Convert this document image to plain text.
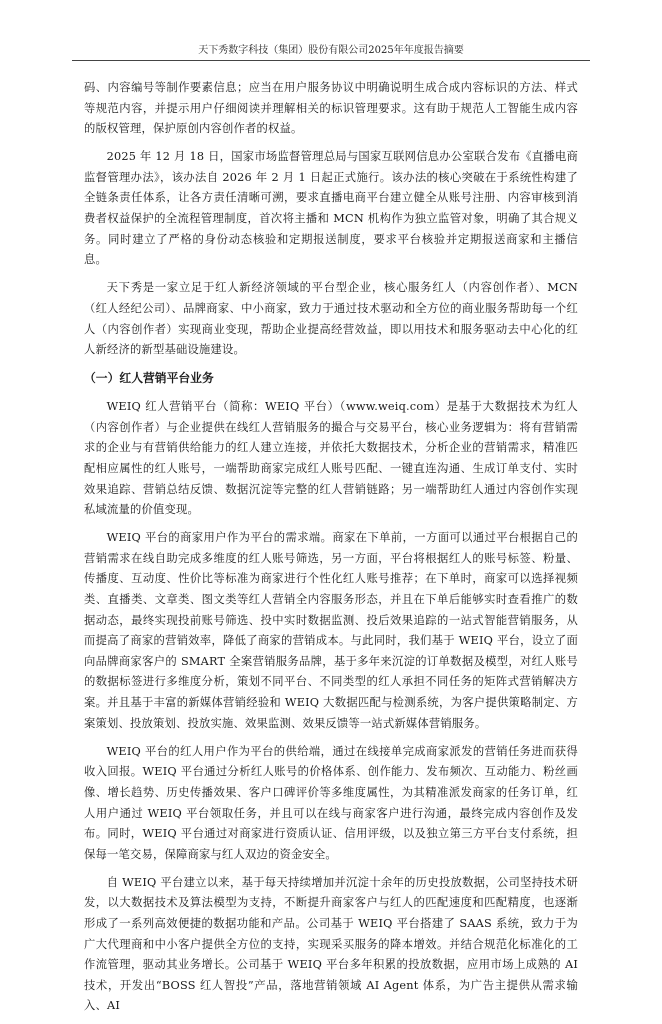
天下秀数字科技（集团）股份有限公司2025年年度报告摘要

码、内容编号等制作要素信息；应当在用户服务协议中明确说明生成合成内容标识的方法、样式等规范内容，并提示用户仔细阅读并理解相关的标识管理要求。这有助于规范人工智能生成内容的版权管理，保护原创内容创作者的权益。

2025 年 12 月 18 日，国家市场监督管理总局与国家互联网信息办公室联合发布《直播电商监督管理办法》，该办法自 2026 年 2 月 1 日起正式施行。该办法的核心突破在于系统性构建了全链条责任体系，让各方责任清晰可溯，要求直播电商平台建立健全从账号注册、内容审核到消费者权益保护的全流程管理制度，首次将主播和 MCN 机构作为独立监管对象，明确了其合规义务。同时建立了严格的身份动态核验和定期报送制度，要求平台核验并定期报送商家和主播信息。

天下秀是一家立足于红人新经济领域的平台型企业，核心服务红人（内容创作者）、MCN（红人经纪公司）、品牌商家、中小商家，致力于通过技术驱动和全方位的商业服务帮助每一个红人（内容创作者）实现商业变现，帮助企业提高经营效益，即以用技术和服务驱动去中心化的红人新经济的新型基础设施建设。

（一）红人营销平台业务

WEIQ 红人营销平台（简称：WEIQ 平台）（www.weiq.com）是基于大数据技术为红人（内容创作者）与企业提供在线红人营销服务的撮合与交易平台，核心业务逻辑为：将有营销需求的企业与有营销供给能力的红人建立连接，并依托大数据技术，分析企业的营销需求，精准匹配相应属性的红人账号，一端帮助商家完成红人账号匹配、一键直连沟通、生成订单支付、实时效果追踪、营销总结反馈、数据沉淀等完整的红人营销链路；另一端帮助红人通过内容创作实现私域流量的价值变现。

WEIQ 平台的商家用户作为平台的需求端。商家在下单前，一方面可以通过平台根据自己的营销需求在线自助完成多维度的红人账号筛选，另一方面，平台将根据红人的账号标签、粉量、传播度、互动度、性价比等标准为商家进行个性化红人账号推荐；在下单时，商家可以选择视频类、直播类、文章类、图文类等红人营销全内容服务形态，并且在下单后能够实时查看推广的数据动态，最终实现投前账号筛选、投中实时数据监测、投后效果追踪的一站式智能营销服务，从而提高了商家的营销效率，降低了商家的营销成本。与此同时，我们基于 WEIQ 平台，设立了面向品牌商家客户的 SMART 全案营销服务品牌，基于多年来沉淀的订单数据及模型，对红人账号的数据标签进行多维度分析，策划不同平台、不同类型的红人承担不同任务的矩阵式营销解决方案。并且基于丰富的新媒体营销经验和 WEIQ 大数据匹配与检测系统，为客户提供策略制定、方案策划、投放策划、投放实施、效果监测、效果反馈等一站式新媒体营销服务。

WEIQ 平台的红人用户作为平台的供给端，通过在线接单完成商家派发的营销任务进而获得收入回报。WEIQ 平台通过分析红人账号的价格体系、创作能力、发布频次、互动能力、粉丝画像、增长趋势、历史传播效果、客户口碑评价等多维度属性，为其精准派发商家的任务订单，红人用户通过 WEIQ 平台领取任务，并且可以在线与商家客户进行沟通，最终完成内容创作及发布。同时，WEIQ 平台通过对商家进行资质认证、信用评级，以及独立第三方平台支付系统，担保每一笔交易，保障商家与红人双边的资金安全。

自 WEIQ 平台建立以来，基于每天持续增加并沉淀十余年的历史投放数据，公司坚持技术研发，以大数据技术及算法模型为支持，不断提升商家客户与红人的匹配速度和匹配精度，也逐渐形成了一系列高效便捷的数据功能和产品。公司基于 WEIQ 平台搭建了 SAAS 系统，致力于为广大代理商和中小客户提供全方位的支持，实现采买服务的降本增效。并结合规范化标准化的工作流管理，驱动其业务增长。公司基于 WEIQ 平台多年积累的投放数据，应用市场上成熟的 AI 技术，开发出“BOSS 红人智投”产品，落地营销领域 AI Agent 体系，为广告主提供从需求输入、AI
